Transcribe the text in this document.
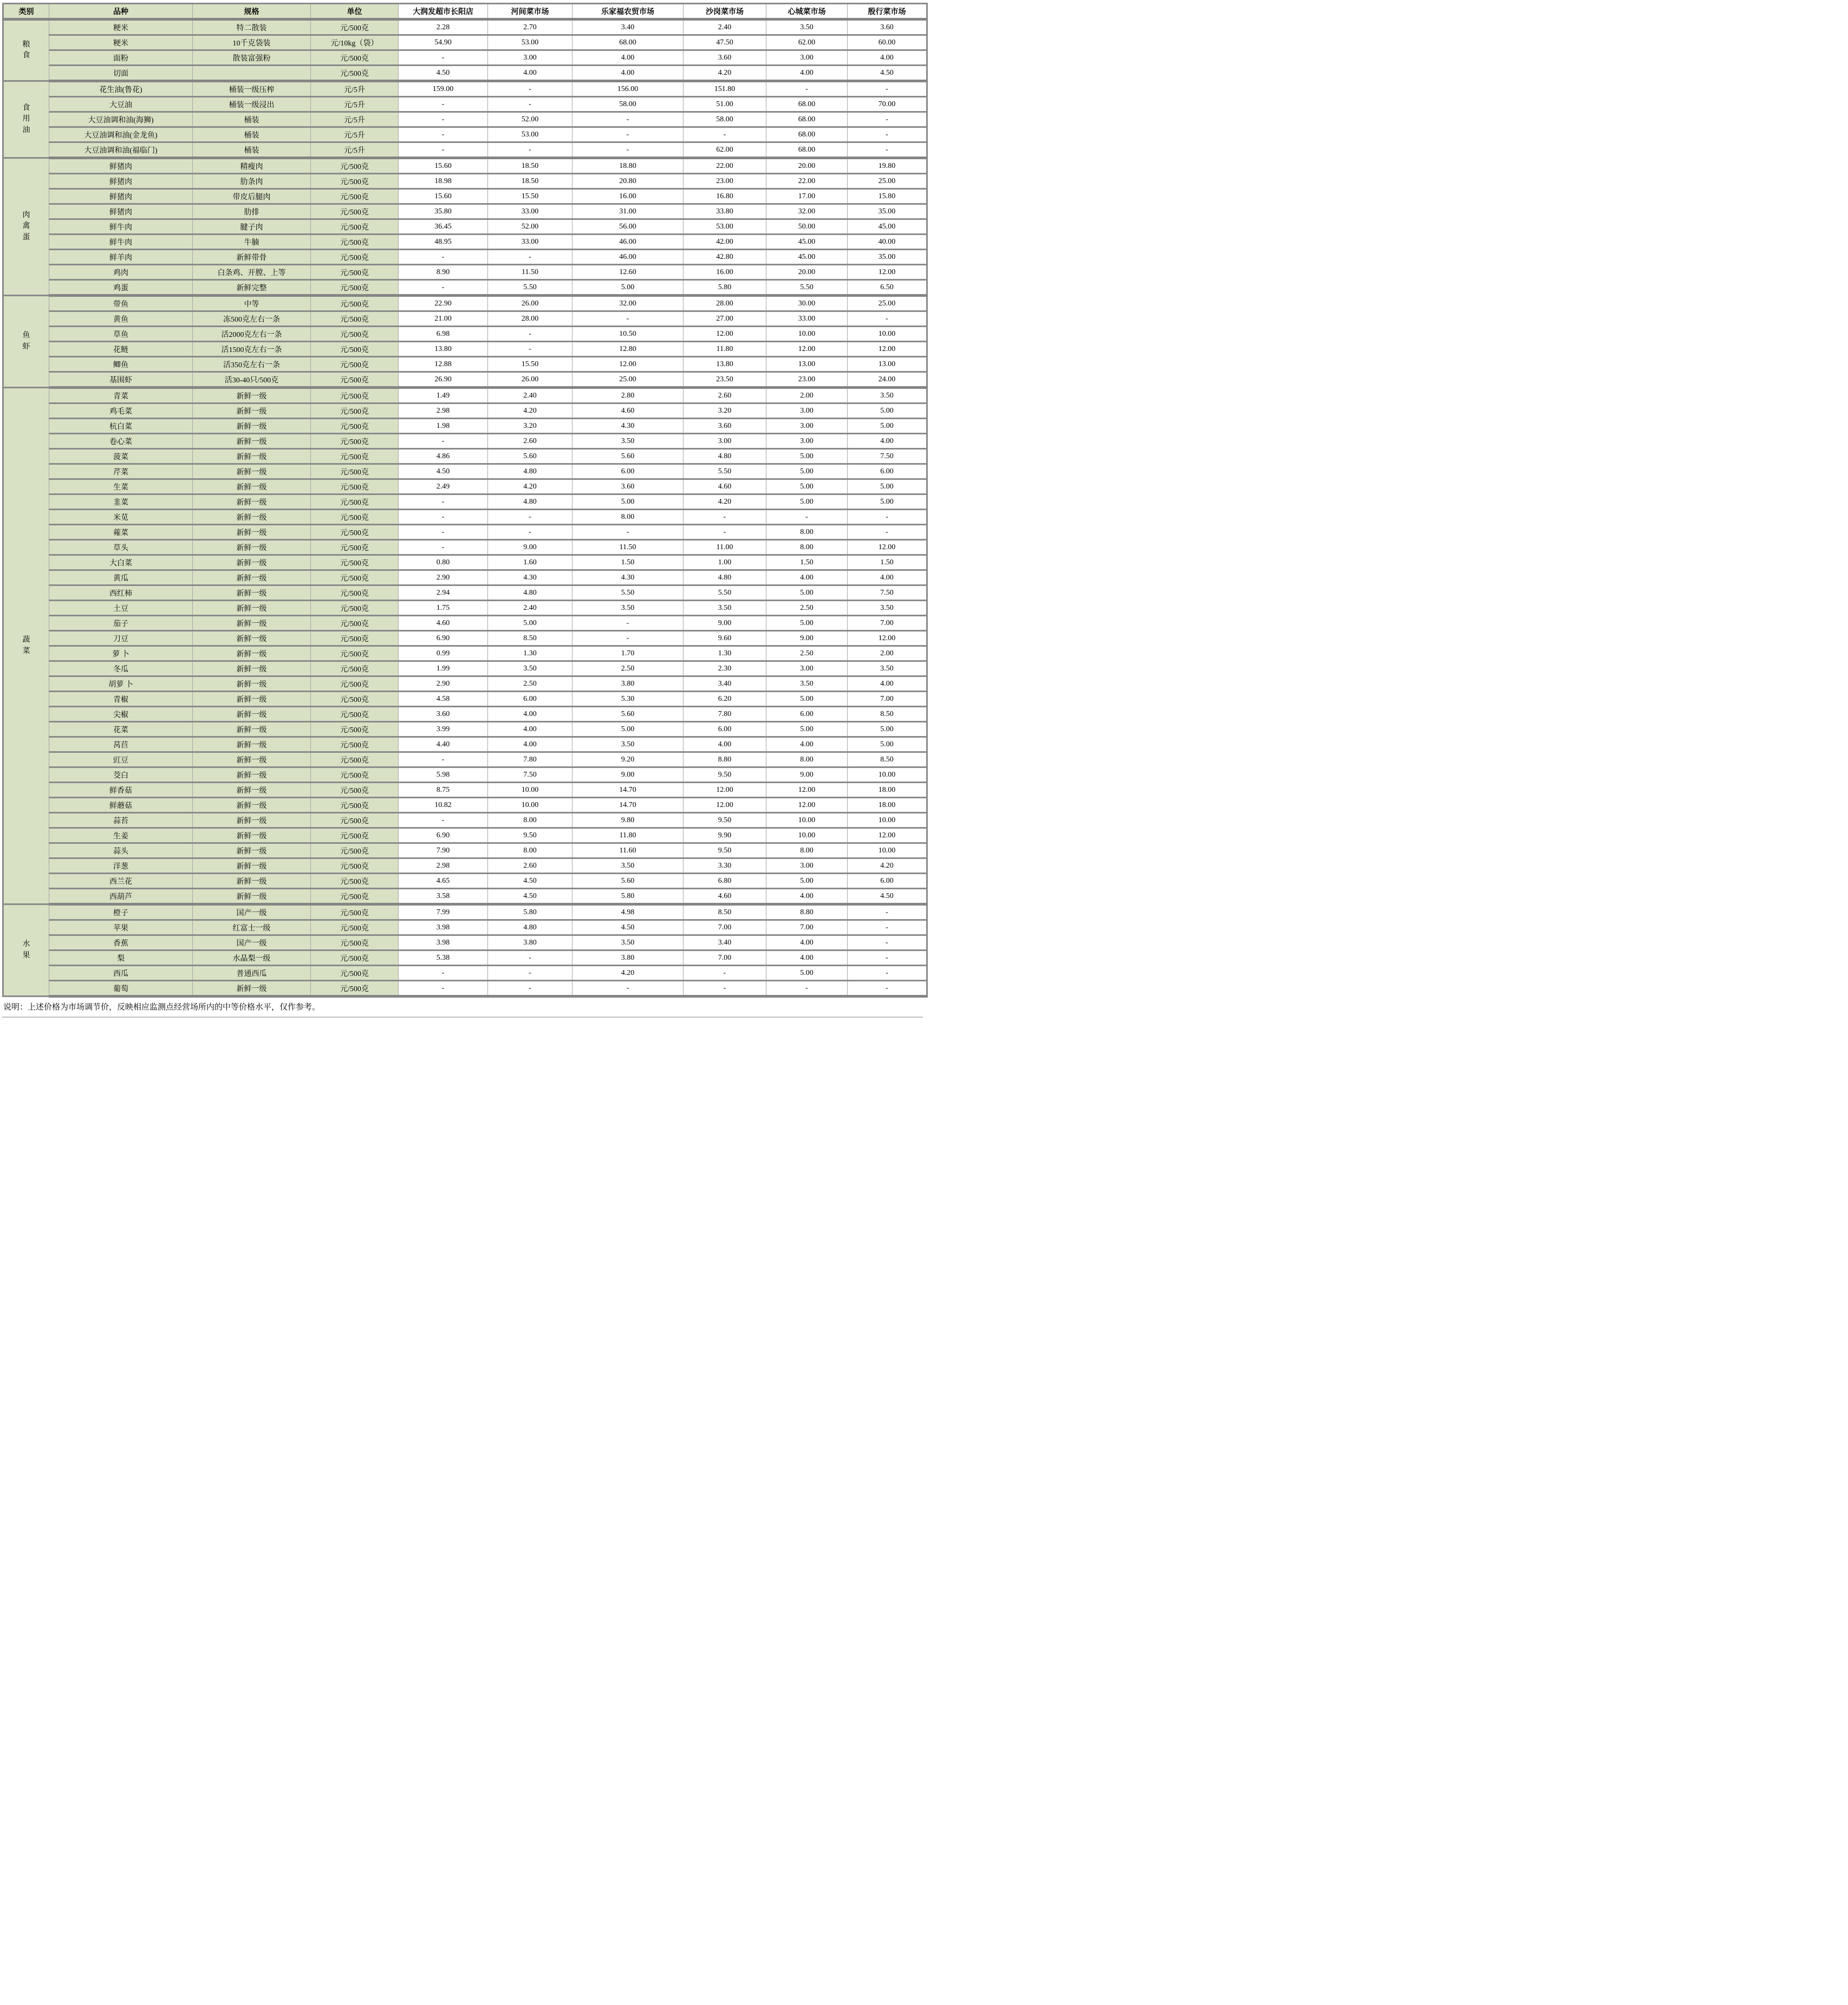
类别	品种	规格	单位	大润发超市长阳店	河间菜市场	乐家福农贸市场	沙岗菜市场	心城菜市场	殷行菜市场

粮食	粳米	特二散装	元/500克	2.28	2.70	3.40	2.40	3.50	3.60
	粳米	10千克袋装	元/10kg（袋）	54.90	53.00	68.00	47.50	62.00	60.00
	面粉	散装富强粉	元/500克	-	3.00	4.00	3.60	3.00	4.00
	切面		元/500克	4.50	4.00	4.00	4.20	4.00	4.50

食用油	花生油(鲁花)	桶装一级压榨	元/5升	159.00	-	156.00	151.80	-	-
	大豆油	桶装一级浸出	元/5升	-	-	58.00	51.00	68.00	70.00
	大豆油调和油(海狮)	桶装	元/5升	-	52.00	-	58.00	68.00	-
	大豆油调和油(金龙鱼)	桶装	元/5升	-	53.00	-	-	68.00	-
	大豆油调和油(福临门)	桶装	元/5升	-	-	-	62.00	68.00	-

肉禽蛋	鲜猪肉	精瘦肉	元/500克	15.60	18.50	18.80	22.00	20.00	19.80
	鲜猪肉	肋条肉	元/500克	18.98	18.50	20.80	23.00	22.00	25.00
	鲜猪肉	带皮后腿肉	元/500克	15.60	15.50	16.00	16.80	17.00	15.80
	鲜猪肉	肋排	元/500克	35.80	33.00	31.00	33.80	32.00	35.00
	鲜牛肉	腱子肉	元/500克	36.45	52.00	56.00	53.00	50.00	45.00
	鲜牛肉	牛腩	元/500克	48.95	33.00	46.00	42.00	45.00	40.00
	鲜羊肉	新鲜带骨	元/500克	-	-	46.00	42.80	45.00	35.00
	鸡肉	白条鸡、开膛、上等	元/500克	8.90	11.50	12.60	16.00	20.00	12.00
	鸡蛋	新鲜完整	元/500克	-	5.50	5.00	5.80	5.50	6.50

鱼虾	带鱼	中等	元/500克	22.90	26.00	32.00	28.00	30.00	25.00
	黄鱼	冻500克左右一条	元/500克	21.00	28.00	-	27.00	33.00	-
	草鱼	活2000克左右一条	元/500克	6.98	-	10.50	12.00	10.00	10.00
	花鲢	活1500克左右一条	元/500克	13.80	-	12.80	11.80	12.00	12.00
	鲫鱼	活350克左右一条	元/500克	12.88	15.50	12.00	13.80	13.00	13.00
	基围虾	活30-40只/500克	元/500克	26.90	26.00	25.00	23.50	23.00	24.00

蔬菜	青菜	新鲜一级	元/500克	1.49	2.40	2.80	2.60	2.00	3.50
	鸡毛菜	新鲜一级	元/500克	2.98	4.20	4.60	3.20	3.00	5.00
	杭白菜	新鲜一级	元/500克	1.98	3.20	4.30	3.60	3.00	5.00
	卷心菜	新鲜一级	元/500克	-	2.60	3.50	3.00	3.00	4.00
	菠菜	新鲜一级	元/500克	4.86	5.60	5.60	4.80	5.00	7.50
	芹菜	新鲜一级	元/500克	4.50	4.80	6.00	5.50	5.00	6.00
	生菜	新鲜一级	元/500克	2.49	4.20	3.60	4.60	5.00	5.00
	韭菜	新鲜一级	元/500克	-	4.80	5.00	4.20	5.00	5.00
	米苋	新鲜一级	元/500克	-	-	8.00	-	-	-
	蕹菜	新鲜一级	元/500克	-	-	-	-	8.00	-
	草头	新鲜一级	元/500克	-	9.00	11.50	11.00	8.00	12.00
	大白菜	新鲜一级	元/500克	0.80	1.60	1.50	1.00	1.50	1.50
	黄瓜	新鲜一级	元/500克	2.90	4.30	4.30	4.80	4.00	4.00
	西红柿	新鲜一级	元/500克	2.94	4.80	5.50	5.50	5.00	7.50
	土豆	新鲜一级	元/500克	1.75	2.40	3.50	3.50	2.50	3.50
	茄子	新鲜一级	元/500克	4.60	5.00	-	9.00	5.00	7.00
	刀豆	新鲜一级	元/500克	6.90	8.50	-	9.60	9.00	12.00
	萝 卜	新鲜一级	元/500克	0.99	1.30	1.70	1.30	2.50	2.00
	冬瓜	新鲜一级	元/500克	1.99	3.50	2.50	2.30	3.00	3.50
	胡萝 卜	新鲜一级	元/500克	2.90	2.50	3.80	3.40	3.50	4.00
	青椒	新鲜一级	元/500克	4.58	6.00	5.30	6.20	5.00	7.00
	尖椒	新鲜一级	元/500克	3.60	4.00	5.60	7.80	6.00	8.50
	花菜	新鲜一级	元/500克	3.99	4.00	5.00	6.00	5.00	5.00
	莴苣	新鲜一级	元/500克	4.40	4.00	3.50	4.00	4.00	5.00
	豇豆	新鲜一级	元/500克	-	7.80	9.20	8.80	8.00	8.50
	茭白	新鲜一级	元/500克	5.98	7.50	9.00	9.50	9.00	10.00
	鲜香菇	新鲜一级	元/500克	8.75	10.00	14.70	12.00	12.00	18.00
	鲜蘑菇	新鲜一级	元/500克	10.82	10.00	14.70	12.00	12.00	18.00
	蒜苔	新鲜一级	元/500克	-	8.00	9.80	9.50	10.00	10.00
	生姜	新鲜一级	元/500克	6.90	9.50	11.80	9.90	10.00	12.00
	蒜头	新鲜一级	元/500克	7.90	8.00	11.60	9.50	8.00	10.00
	洋葱	新鲜一级	元/500克	2.98	2.60	3.50	3.30	3.00	4.20
	西兰花	新鲜一级	元/500克	4.65	4.50	5.60	6.80	5.00	6.00
	西葫芦	新鲜一级	元/500克	3.58	4.50	5.80	4.60	4.00	4.50

水果	橙子	国产一级	元/500克	7.99	5.80	4.98	8.50	8.80	-
	苹果	红富士一级	元/500克	3.98	4.80	4.50	7.00	7.00	-
	香蕉	国产一级	元/500克	3.98	3.80	3.50	3.40	4.00	-
	梨	水晶梨一级	元/500克	5.38	-	3.80	7.00	4.00	-
	西瓜	普通西瓜	元/500克	-	-	4.20	-	5.00	-
	葡萄	新鲜一级	元/500克	-	-	-	-	-	-
说明：上述价格为市场调节价，反映相应监测点经营场所内的中等价格水平，仅作参考。
